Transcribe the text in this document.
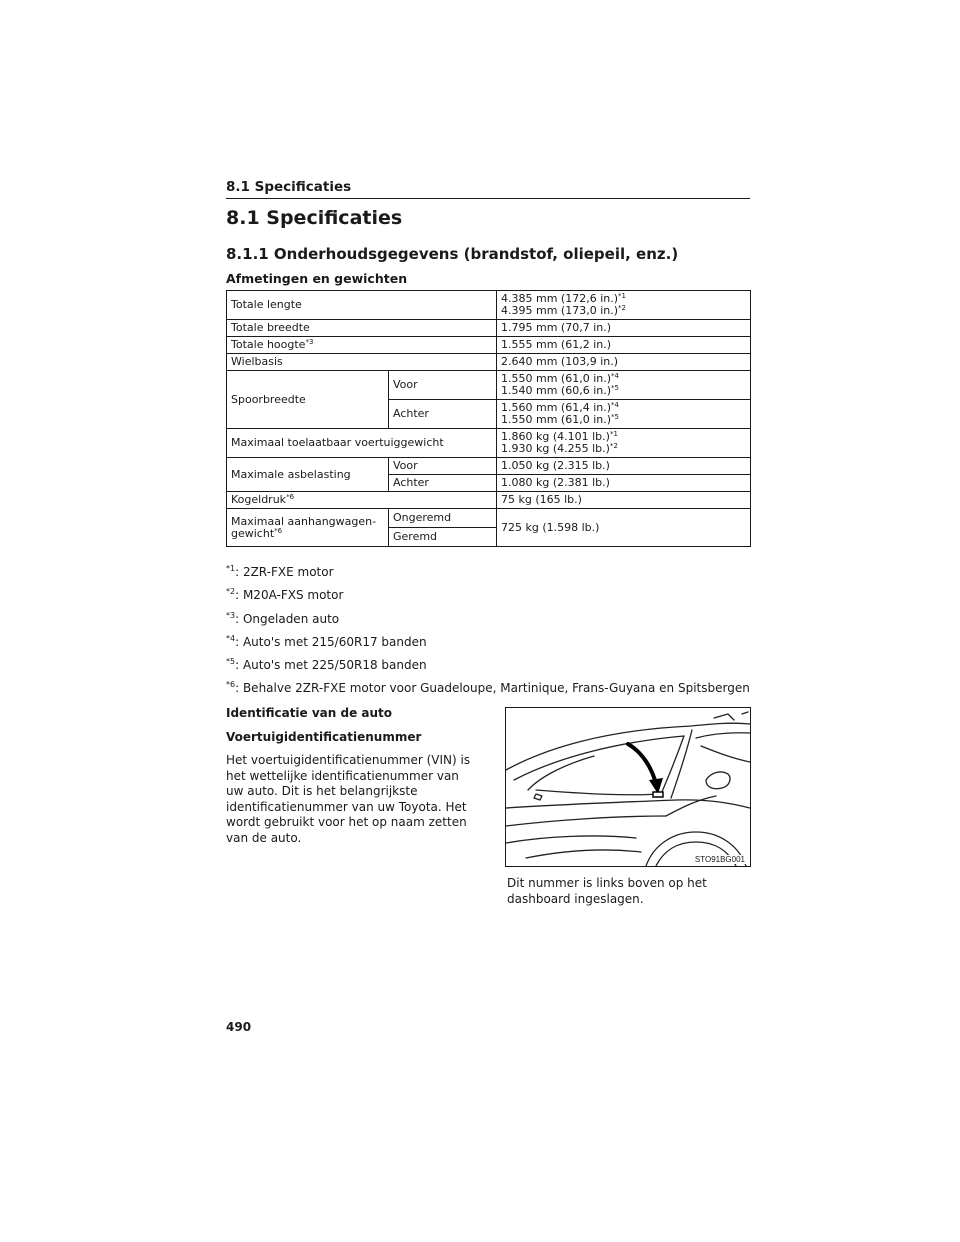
8.1 Specificaties
8.1 Specificaties
8.1.1 Onderhoudsgegevens (brandstof, oliepeil, enz.)
Afmetingen en gewichten
Totale lengte		4.385 mm (172,6 in.)$^{*1}$
4.395 mm (173,0 in.)$^{*2}$
Totale breedte		1.795 mm (70,7 in.)
Totale hoogte$^{*3}$		1.555 mm (61,2 in.)
Wielbasis		2.640 mm (103,9 in.)
Spoorbreedte	Voor	1.550 mm (61,0 in.)$^{*4}$
1.540 mm (60,6 in.)$^{*5}$
	Achter	1.560 mm (61,4 in.)$^{*4}$
1.550 mm (61,0 in.)$^{*5}$
Maximaal toelaatbaar voertuiggewicht		1.860 kg (4.101 lb.)$^{*1}$
1.930 kg (4.255 lb.)$^{*2}$
Maximale asbelasting	Voor	1.050 kg (2.315 lb.)
	Achter	1.080 kg (2.381 lb.)
Kogeldruk$^{*6}$		75 kg (165 lb.)
Maximaal aanhangwagen-
gewicht$^{*6}$	Ongeremd	725 kg (1.598 lb.)
	Geremd	
$^{*1}$: 2ZR-FXE motor
$^{*2}$: M20A-FXS motor
$^{*3}$: Ongeladen auto
$^{*4}$: Auto's met 215/60R17 banden
$^{*5}$: Auto's met 225/50R18 banden
$^{*6}$: Behalve 2ZR-FXE motor voor Guadeloupe, Martinique, Frans-Guyana en Spitsbergen
Identificatie van de auto
Voertuigidentificatienummer

Het voertuigidentificatienummer (VIN) is het wettelijke identificatienummer van uw auto. Dit is het belangrijkste identificatienummer van uw Toyota. Het wordt gebruikt voor het op naam zetten van de auto.

STO91BG001

Dit nummer is links boven op het dashboard ingeslagen.

490
